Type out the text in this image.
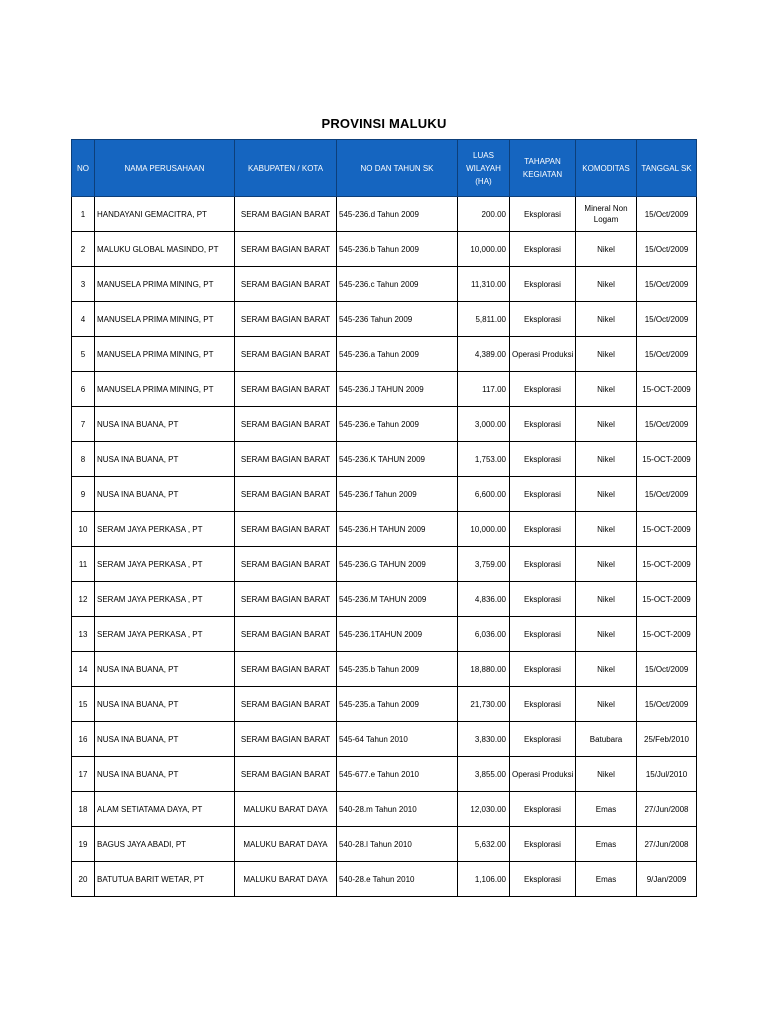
PROVINSI MALUKU
NO	NAMA PERUSAHAAN	KABUPATEN / KOTA	NO DAN TAHUN SK	LUAS WILAYAH (HA)	TAHAPAN KEGIATAN	KOMODITAS	TANGGAL SK
1	HANDAYANI GEMACITRA, PT	SERAM BAGIAN BARAT	545-236.d Tahun 2009	200.00	Eksplorasi	Mineral Non Logam	15/Oct/2009
2	MALUKU GLOBAL MASINDO, PT	SERAM BAGIAN BARAT	545-236.b Tahun 2009	10,000.00	Eksplorasi	Nikel	15/Oct/2009
3	MANUSELA PRIMA MINING, PT	SERAM BAGIAN BARAT	545-236.c Tahun 2009	11,310.00	Eksplorasi	Nikel	15/Oct/2009
4	MANUSELA PRIMA MINING, PT	SERAM BAGIAN BARAT	545-236 Tahun 2009	5,811.00	Eksplorasi	Nikel	15/Oct/2009
5	MANUSELA PRIMA MINING, PT	SERAM BAGIAN BARAT	545-236.a Tahun 2009	4,389.00	Operasi Produksi	Nikel	15/Oct/2009
6	MANUSELA PRIMA MINING, PT	SERAM BAGIAN BARAT	545-236.J TAHUN 2009	117.00	Eksplorasi	Nikel	15-OCT-2009
7	NUSA INA BUANA, PT	SERAM BAGIAN BARAT	545-236.e Tahun 2009	3,000.00	Eksplorasi	Nikel	15/Oct/2009
8	NUSA INA BUANA, PT	SERAM BAGIAN BARAT	545-236.K TAHUN 2009	1,753.00	Eksplorasi	Nikel	15-OCT-2009
9	NUSA INA BUANA, PT	SERAM BAGIAN BARAT	545-236.f Tahun 2009	6,600.00	Eksplorasi	Nikel	15/Oct/2009
10	SERAM JAYA PERKASA , PT	SERAM BAGIAN BARAT	545-236.H TAHUN 2009	10,000.00	Eksplorasi	Nikel	15-OCT-2009
11	SERAM JAYA PERKASA , PT	SERAM BAGIAN BARAT	545-236.G TAHUN 2009	3,759.00	Eksplorasi	Nikel	15-OCT-2009
12	SERAM JAYA PERKASA , PT	SERAM BAGIAN BARAT	545-236.M TAHUN 2009	4,836.00	Eksplorasi	Nikel	15-OCT-2009
13	SERAM JAYA PERKASA , PT	SERAM BAGIAN BARAT	545-236.1TAHUN 2009	6,036.00	Eksplorasi	Nikel	15-OCT-2009
14	NUSA INA BUANA, PT	SERAM BAGIAN BARAT	545-235.b Tahun 2009	18,880.00	Eksplorasi	Nikel	15/Oct/2009
15	NUSA INA BUANA, PT	SERAM BAGIAN BARAT	545-235.a Tahun 2009	21,730.00	Eksplorasi	Nikel	15/Oct/2009
16	NUSA INA BUANA, PT	SERAM BAGIAN BARAT	545-64 Tahun 2010	3,830.00	Eksplorasi	Batubara	25/Feb/2010
17	NUSA INA BUANA, PT	SERAM BAGIAN BARAT	545-677.e Tahun 2010	3,855.00	Operasi Produksi	Nikel	15/Jul/2010
18	ALAM SETIATAMA DAYA, PT	MALUKU BARAT DAYA	540-28.m Tahun 2010	12,030.00	Eksplorasi	Emas	27/Jun/2008
19	BAGUS JAYA ABADI, PT	MALUKU BARAT DAYA	540-28.l Tahun 2010	5,632.00	Eksplorasi	Emas	27/Jun/2008
20	BATUTUA BARIT WETAR, PT	MALUKU BARAT DAYA	540-28.e Tahun 2010	1,106.00	Eksplorasi	Emas	9/Jan/2009
